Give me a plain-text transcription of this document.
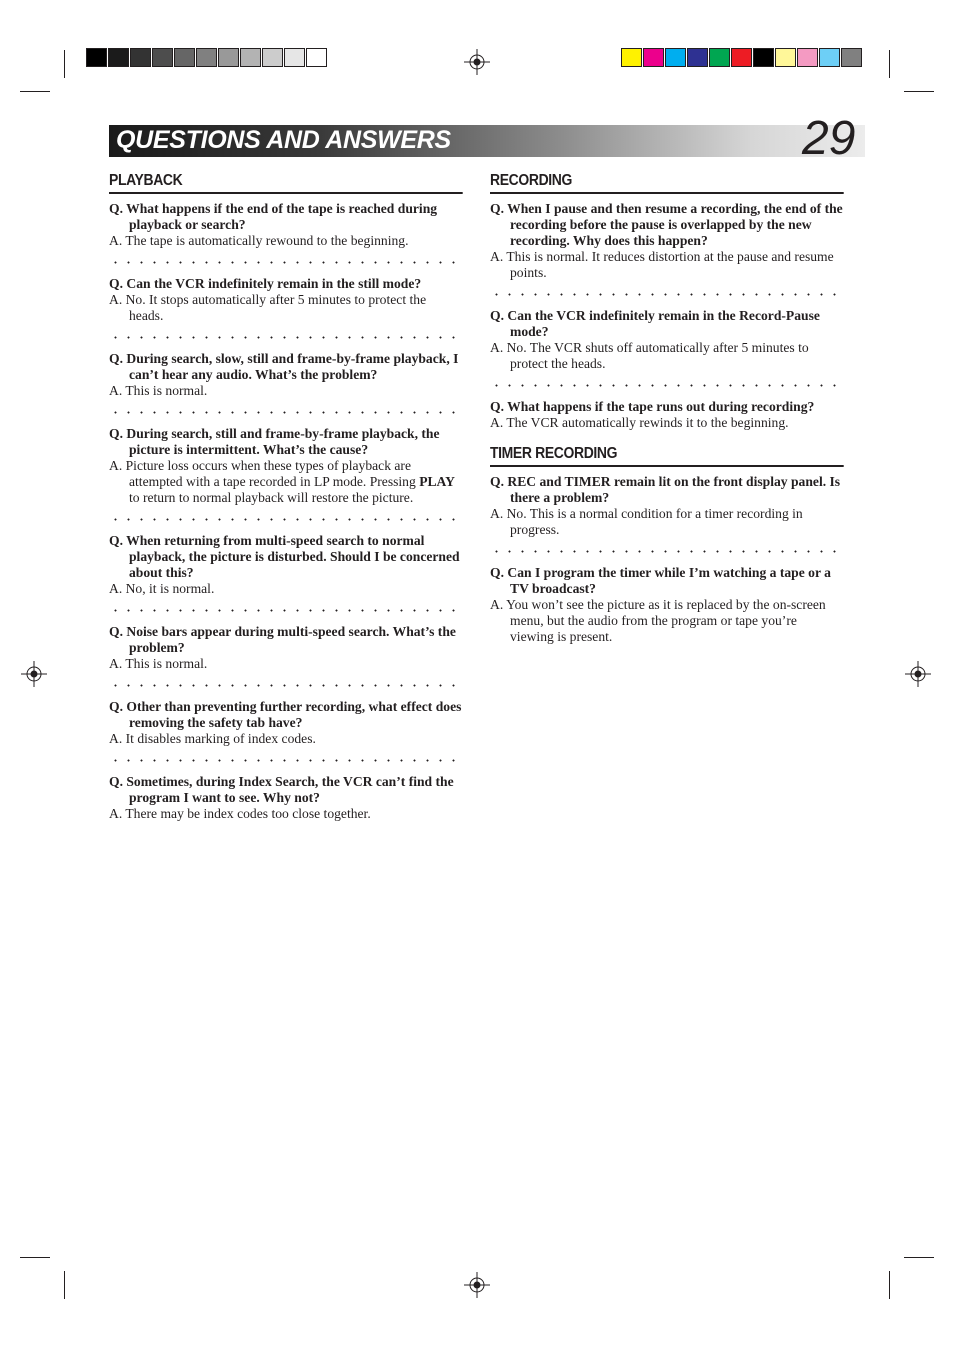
QUESTIONS AND ANSWERS	29
PLAYBACK
Q. What happens if the end of the tape is reached during playback or search?
A. The tape is automatically rewound to the beginning.
Q. Can the VCR indefinitely remain in the still mode?
A. No. It stops automatically after 5 minutes to protect the heads.
Q. During search, slow, still and frame-by-frame playback, I can’t hear any audio. What’s the problem?
A. This is normal.
Q. During search, still and frame-by-frame playback, the picture is intermittent. What’s the cause?
A. Picture loss occurs when these types of playback are attempted with a tape recorded in LP mode. Pressing PLAY to return to normal playback will restore the picture.
Q. When returning from multi-speed search to normal playback, the picture is disturbed. Should I be concerned about this?
A. No, it is normal.
Q. Noise bars appear during multi-speed search. What’s the problem?
A. This is normal.
Q. Other than preventing further recording, what effect does removing the safety tab have?
A. It disables marking of index codes.
Q. Sometimes, during Index Search, the VCR can’t find the program I want to see. Why not?
A. There may be index codes too close together.
RECORDING
Q. When I pause and then resume a recording, the end of the recording before the pause is overlapped by the new recording. Why does this happen?
A. This is normal. It reduces distortion at the pause and resume points.
Q. Can the VCR indefinitely remain in the Record-Pause mode?
A. No. The VCR shuts off automatically after 5 minutes to protect the heads.
Q. What happens if the tape runs out during recording?
A. The VCR automatically rewinds it to the beginning.
TIMER RECORDING
Q. REC and TIMER remain lit on the front display panel. Is there a problem?
A. No. This is a normal condition for a timer recording in progress.
Q. Can I program the timer while I’m watching a tape or a TV broadcast?
A. You won’t see the picture as it is replaced by the on-screen menu, but the audio from the program or tape you’re viewing is present.
